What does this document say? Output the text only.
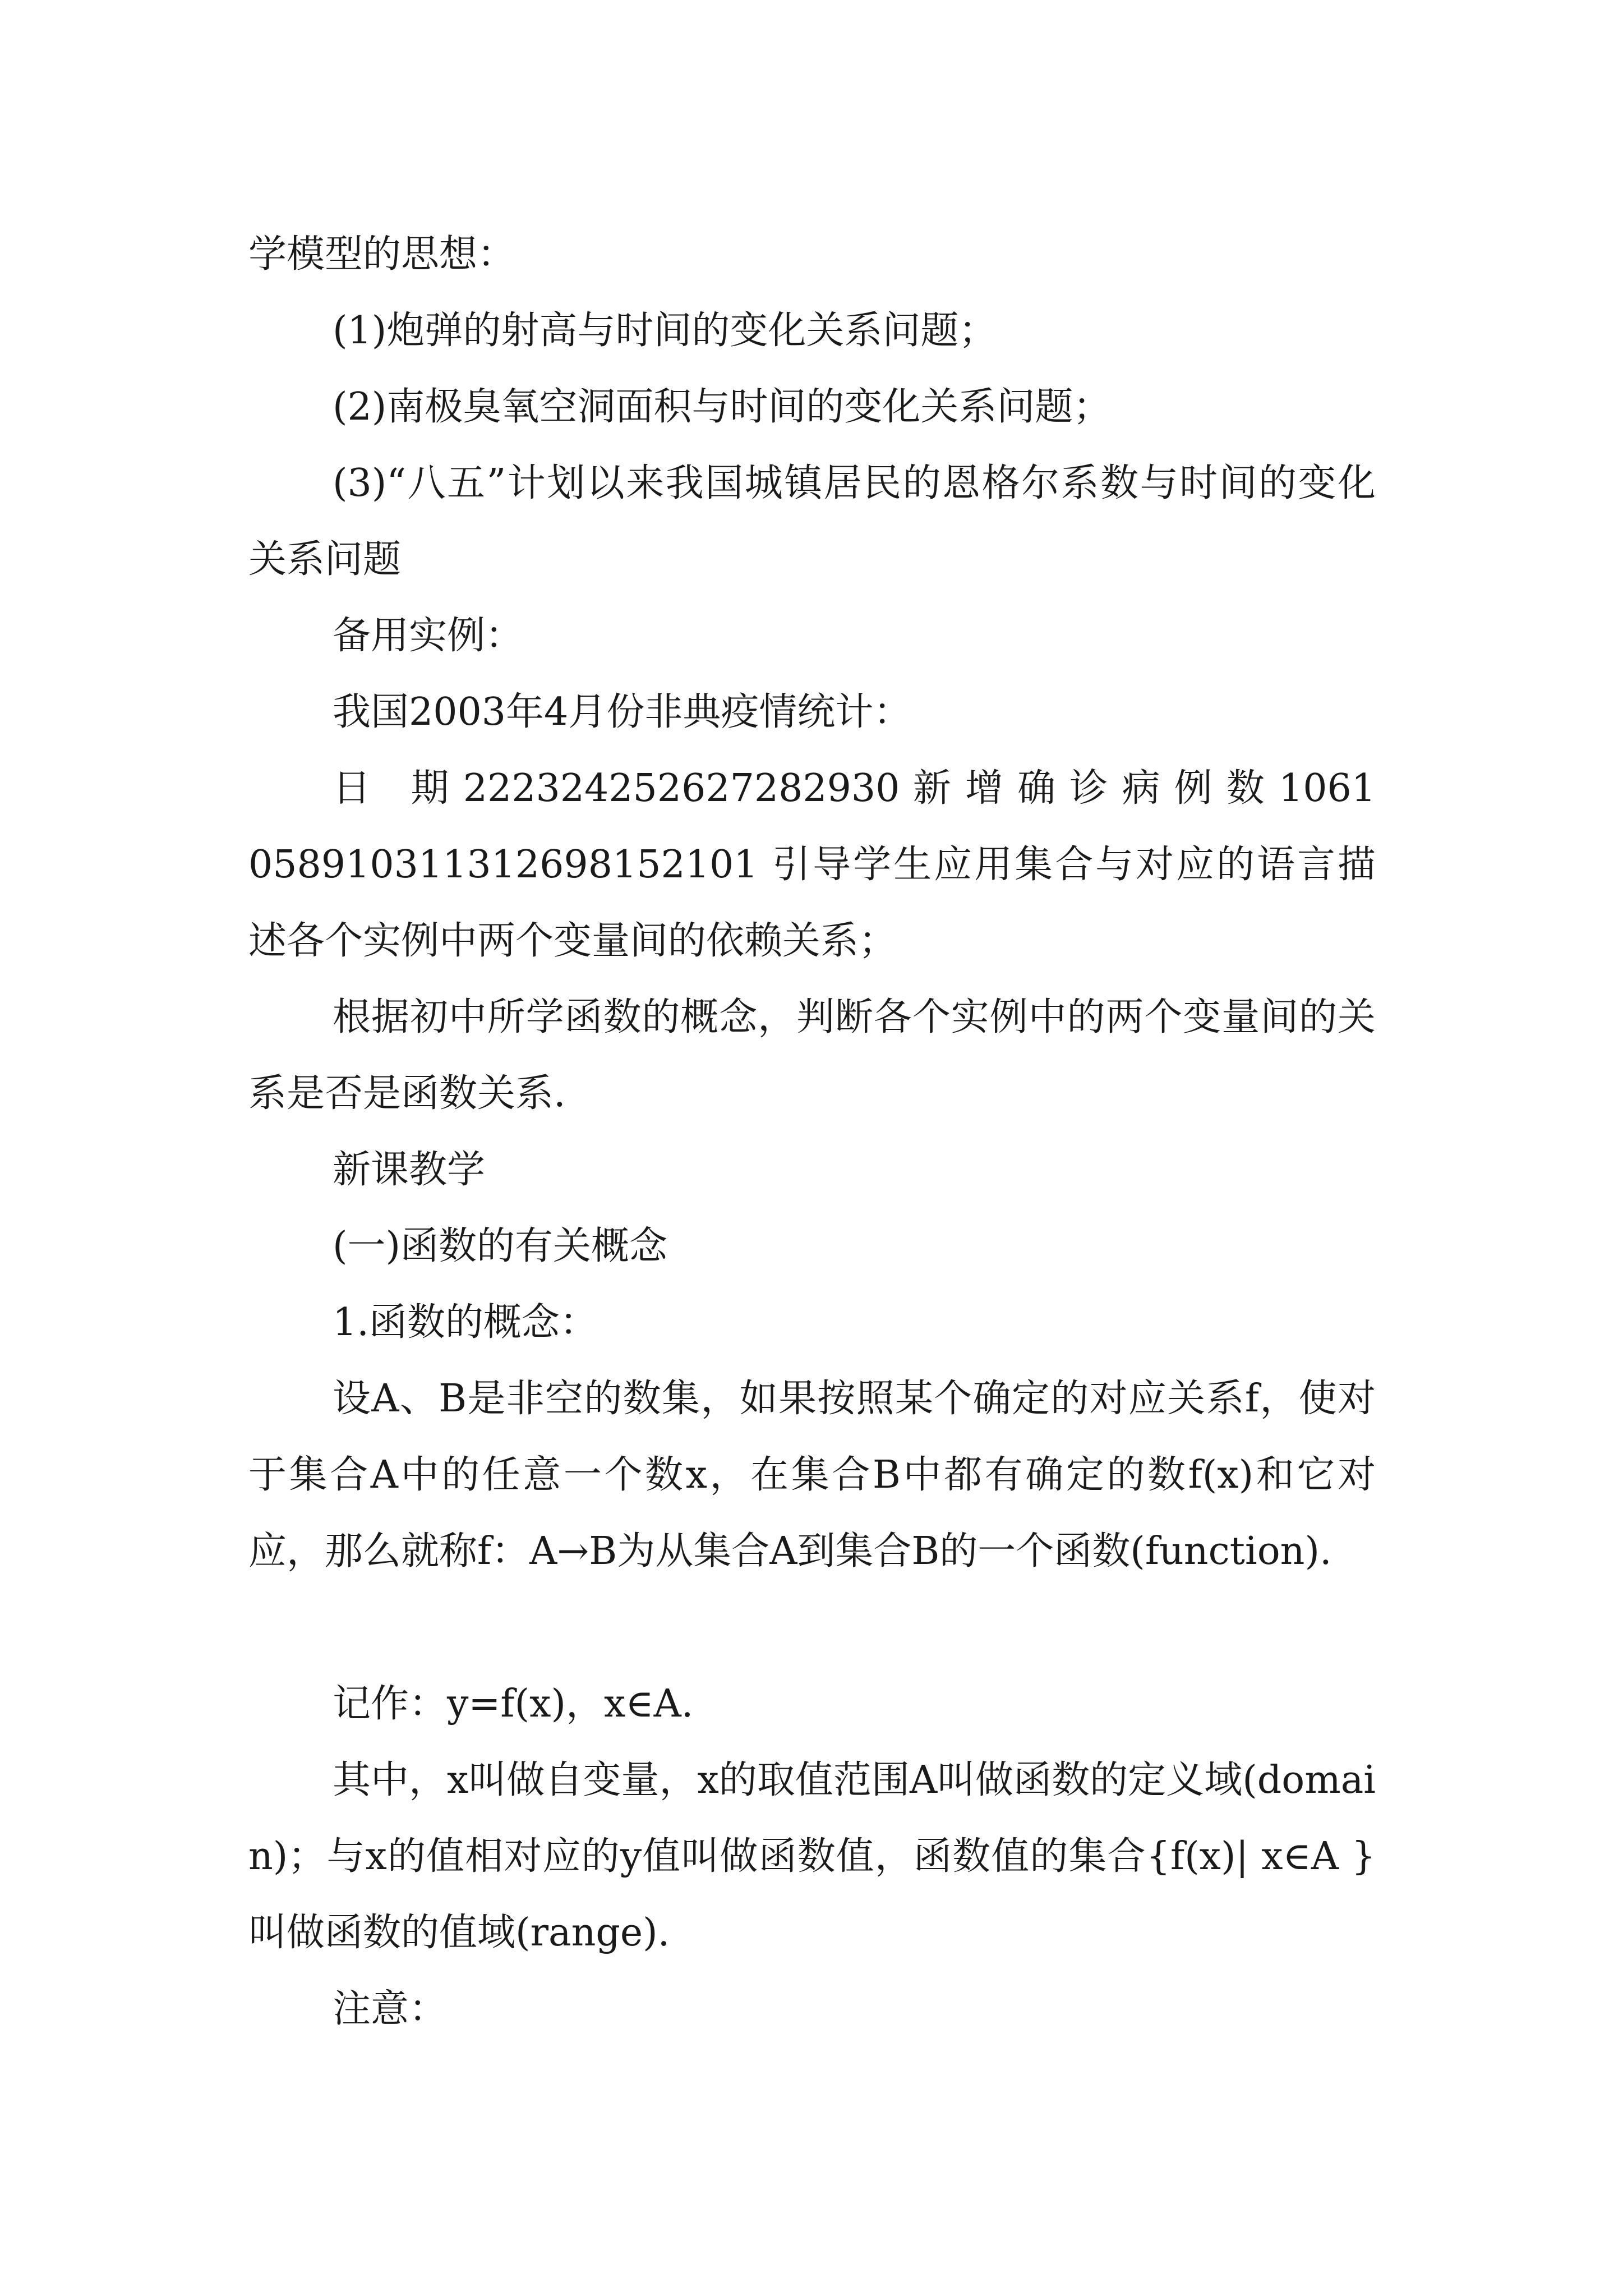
学模型的思想：

(1)炮弹的射高与时间的变化关系问题；

(2)南极臭氧空洞面积与时间的变化关系问题；

(3)“八五”计划以来我国城镇居民的恩格尔系数与时间的变化关系问题

备用实例：

我国2003年4月份非典疫情统计：

日　期 222324252627282930 新 增 确 诊 病 例 数 10610589103113126981521​01 引导学生应用集合与对应的语言描述各个实例中两个变量间的依赖关系；

根据初中所学函数的概念，判断各个实例中的两个变量间的关系是否是函数关系.

新课教学

(一)函数的有关概念

1.函数的概念：

设A、B是非空的数集，如果按照某个确定的对应关系f，使对于集合A中的任意一个数x，在集合B中都有确定的数f(x)和它对应，那么就称f：A→B为从集合A到集合B的一个函数(function).

记作：y=f(x)，x∈A.

其中，x叫做自变量，x的取值范围A叫做函数的定义域(domain)；与x的值相对应的y值叫做函数值，函数值的集合{f(x)| x∈A }叫做函数的值域(range).

注意：
